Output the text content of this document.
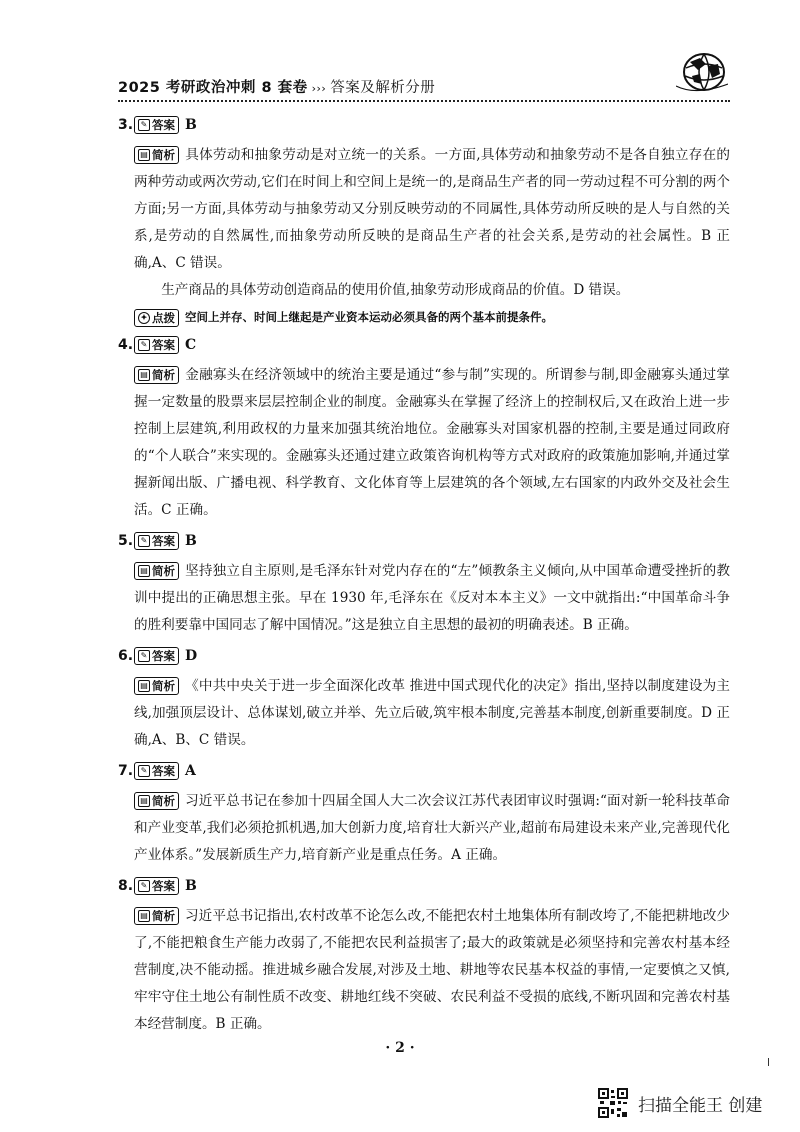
2025 考研政治冲刺 8 套卷 ››› 答案及解析分册
3. ✎ 答案 B

▤ 简析 具体劳动和抽象劳动是对立统一的关系。一方面,具体劳动和抽象劳动不是各自独立存在的两种劳动或两次劳动,它们在时间上和空间上是统一的,是商品生产者的同一劳动过程不可分割的两个方面;另一方面,具体劳动与抽象劳动又分别反映劳动的不同属性,具体劳动所反映的是人与自然的关系,是劳动的自然属性,而抽象劳动所反映的是商品生产者的社会关系,是劳动的社会属性。B 正确,A、C 错误。

生产商品的具体劳动创造商品的使用价值,抽象劳动形成商品的价值。D 错误。

✦ 点拨 空间上并存、时间上继起是产业资本运动必须具备的两个基本前提条件。
4. ✎ 答案 C

▤ 简析 金融寡头在经济领域中的统治主要是通过“参与制”实现的。所谓参与制,即金融寡头通过掌握一定数量的股票来层层控制企业的制度。金融寡头在掌握了经济上的控制权后,又在政治上进一步控制上层建筑,利用政权的力量来加强其统治地位。金融寡头对国家机器的控制,主要是通过同政府的“个人联合”来实现的。金融寡头还通过建立政策咨询机构等方式对政府的政策施加影响,并通过掌握新闻出版、广播电视、科学教育、文化体育等上层建筑的各个领域,左右国家的内政外交及社会生活。C 正确。

5. ✎ 答案 B

▤ 简析 坚持独立自主原则,是毛泽东针对党内存在的“左”倾教条主义倾向,从中国革命遭受挫折的教训中提出的正确思想主张。早在 1930 年,毛泽东在《反对本本主义》一文中就指出:“中国革命斗争的胜利要靠中国同志了解中国情况。”这是独立自主思想的最初的明确表述。B 正确。

6. ✎ 答案 D

▤ 简析 《中共中央关于进一步全面深化改革 推进中国式现代化的决定》指出,坚持以制度建设为主线,加强顶层设计、总体谋划,破立并举、先立后破,筑牢根本制度,完善基本制度,创新重要制度。D 正确,A、B、C 错误。

7. ✎ 答案 A

▤ 简析 习近平总书记在参加十四届全国人大二次会议江苏代表团审议时强调:“面对新一轮科技革命和产业变革,我们必须抢抓机遇,加大创新力度,培育壮大新兴产业,超前布局建设未来产业,完善现代化产业体系。”发展新质生产力,培育新产业是重点任务。A 正确。

8. ✎ 答案 B

▤ 简析 习近平总书记指出,农村改革不论怎么改,不能把农村土地集体所有制改垮了,不能把耕地改少了,不能把粮食生产能力改弱了,不能把农民利益损害了;最大的政策就是必须坚持和完善农村基本经营制度,决不能动摇。推进城乡融合发展,对涉及土地、耕地等农民基本权益的事情,一定要慎之又慎,牢牢守住土地公有制性质不改变、耕地红线不突破、农民利益不受损的底线,不断巩固和完善农村基本经营制度。B 正确。

· 2 ·
扫描全能王 创建
